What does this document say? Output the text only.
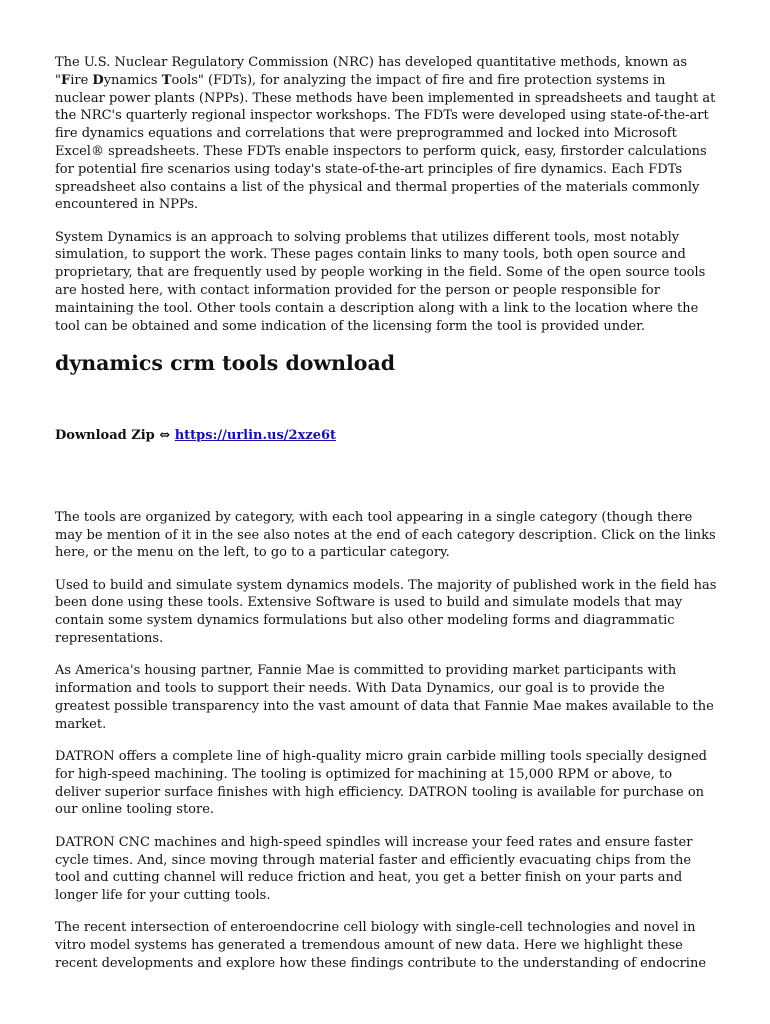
The U.S. Nuclear Regulatory Commission (NRC) has developed quantitative methods, known as "Fire Dynamics Tools" (FDTs), for analyzing the impact of fire and fire protection systems in nuclear power plants (NPPs). These methods have been implemented in spreadsheets and taught at the NRC's quarterly regional inspector workshops. The FDTs were developed using state-of-the-art fire dynamics equations and correlations that were preprogrammed and locked into Microsoft Excel® spreadsheets. These FDTs enable inspectors to perform quick, easy, firstorder calculations for potential fire scenarios using today's state-of-the-art principles of fire dynamics. Each FDTs spreadsheet also contains a list of the physical and thermal properties of the materials commonly encountered in NPPs.

System Dynamics is an approach to solving problems that utilizes different tools, most notably simulation, to support the work. These pages contain links to many tools, both open source and proprietary, that are frequently used by people working in the field. Some of the open source tools are hosted here, with contact information provided for the person or people responsible for maintaining the tool. Other tools contain a description along with a link to the location where the tool can be obtained and some indication of the licensing form the tool is provided under.

dynamics crm tools download
Download Zip ⇔ https://urlin.us/2xze6t

The tools are organized by category, with each tool appearing in a single category (though there may be mention of it in the see also notes at the end of each category description. Click on the links here, or the menu on the left, to go to a particular category.

Used to build and simulate system dynamics models. The majority of published work in the field has been done using these tools. Extensive Software is used to build and simulate models that may contain some system dynamics formulations but also other modeling forms and diagrammatic representations.

As America's housing partner, Fannie Mae is committed to providing market participants with information and tools to support their needs. With Data Dynamics, our goal is to provide the greatest possible transparency into the vast amount of data that Fannie Mae makes available to the market.

DATRON offers a complete line of high-quality micro grain carbide milling tools specially designed for high-speed machining. The tooling is optimized for machining at 15,000 RPM or above, to deliver superior surface finishes with high efficiency. DATRON tooling is available for purchase on our online tooling store.

DATRON CNC machines and high-speed spindles will increase your feed rates and ensure faster cycle times. And, since moving through material faster and efficiently evacuating chips from the tool and cutting channel will reduce friction and heat, you get a better finish on your parts and longer life for your cutting tools.

The recent intersection of enteroendocrine cell biology with single-cell technologies and novel in vitro model systems has generated a tremendous amount of new data. Here we highlight these recent developments and explore how these findings contribute to the understanding of endocrine
